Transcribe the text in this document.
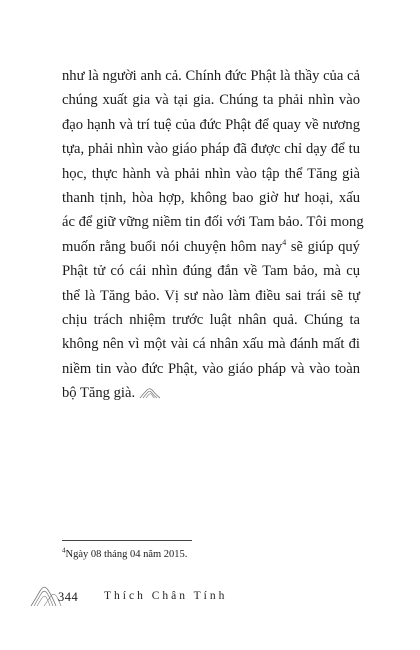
như là người anh cả. Chính đức Phật là thầy của cả
chúng xuất gia và tại gia. Chúng ta phải nhìn vào
đạo hạnh và trí tuệ của đức Phật để quay về nương
tựa, phải nhìn vào giáo pháp đã được chỉ dạy để tu
học, thực hành và phải nhìn vào tập thể Tăng già
thanh tịnh, hòa hợp, không bao giờ hư hoại, xấu
ác để giữ vững niềm tin đối với Tam bảo. Tôi mong
muốn rằng buổi nói chuyện hôm nay$^4$ sẽ giúp quý
Phật tử có cái nhìn đúng đắn về Tam bảo, mà cụ
thể là Tăng bảo. Vị sư nào làm điều sai trái sẽ tự
chịu trách nhiệm trước luật nhân quả. Chúng ta
không nên vì một vài cá nhân xấu mà đánh mất đi
niềm tin vào đức Phật, vào giáo pháp và vào toàn
bộ Tăng già.
$^4$Ngày 08 tháng 04 năm 2015.
344 Thích Chân Tính
